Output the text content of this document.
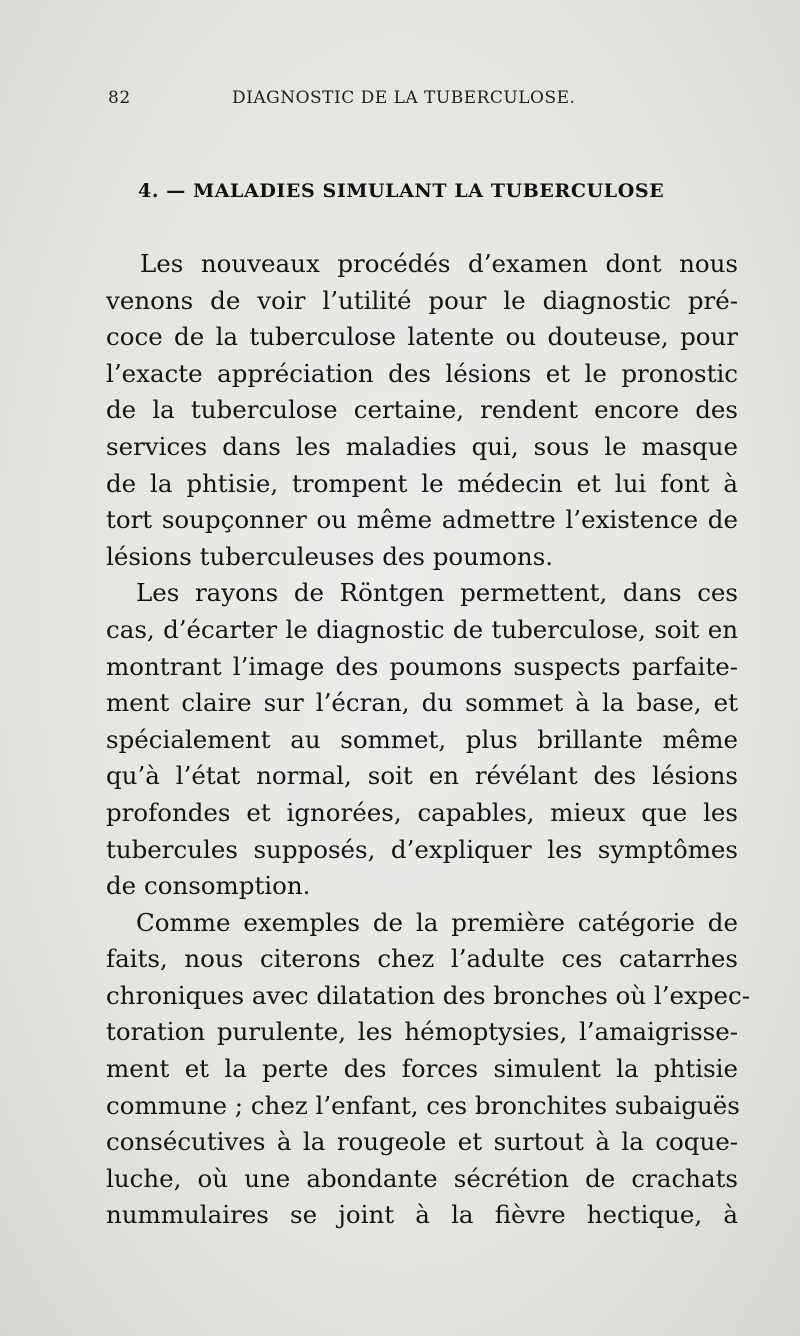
82	DIAGNOSTIC DE LA TUBERCULOSE.
4. — MALADIES SIMULANT LA TUBERCULOSE
Les nouveaux procédés d’examen dont nous
venons de voir l’utilité pour le diagnostic pré-
coce de la tuberculose latente ou douteuse, pour
l’exacte appréciation des lésions et le pronostic
de la tuberculose certaine, rendent encore des
services dans les maladies qui, sous le masque
de la phtisie, trompent le médecin et lui font à
tort soupçonner ou même admettre l’existence de
lésions tuberculeuses des poumons.
Les rayons de Röntgen permettent, dans ces
cas, d’écarter le diagnostic de tuberculose, soit en
montrant l’image des poumons suspects parfaite-
ment claire sur l’écran, du sommet à la base, et
spécialement au sommet, plus brillante même
qu’à l’état normal, soit en révélant des lésions
profondes et ignorées, capables, mieux que les
tubercules supposés, d’expliquer les symptômes
de consomption.
Comme exemples de la première catégorie de
faits, nous citerons chez l’adulte ces catarrhes
chroniques avec dilatation des bronches où l’expec-
toration purulente, les hémoptysies, l’amaigrisse-
ment et la perte des forces simulent la phtisie
commune ; chez l’enfant, ces bronchites subaiguës
consécutives à la rougeole et surtout à la coque-
luche, où une abondante sécrétion de crachats
nummulaires se joint à la fièvre hectique, à
